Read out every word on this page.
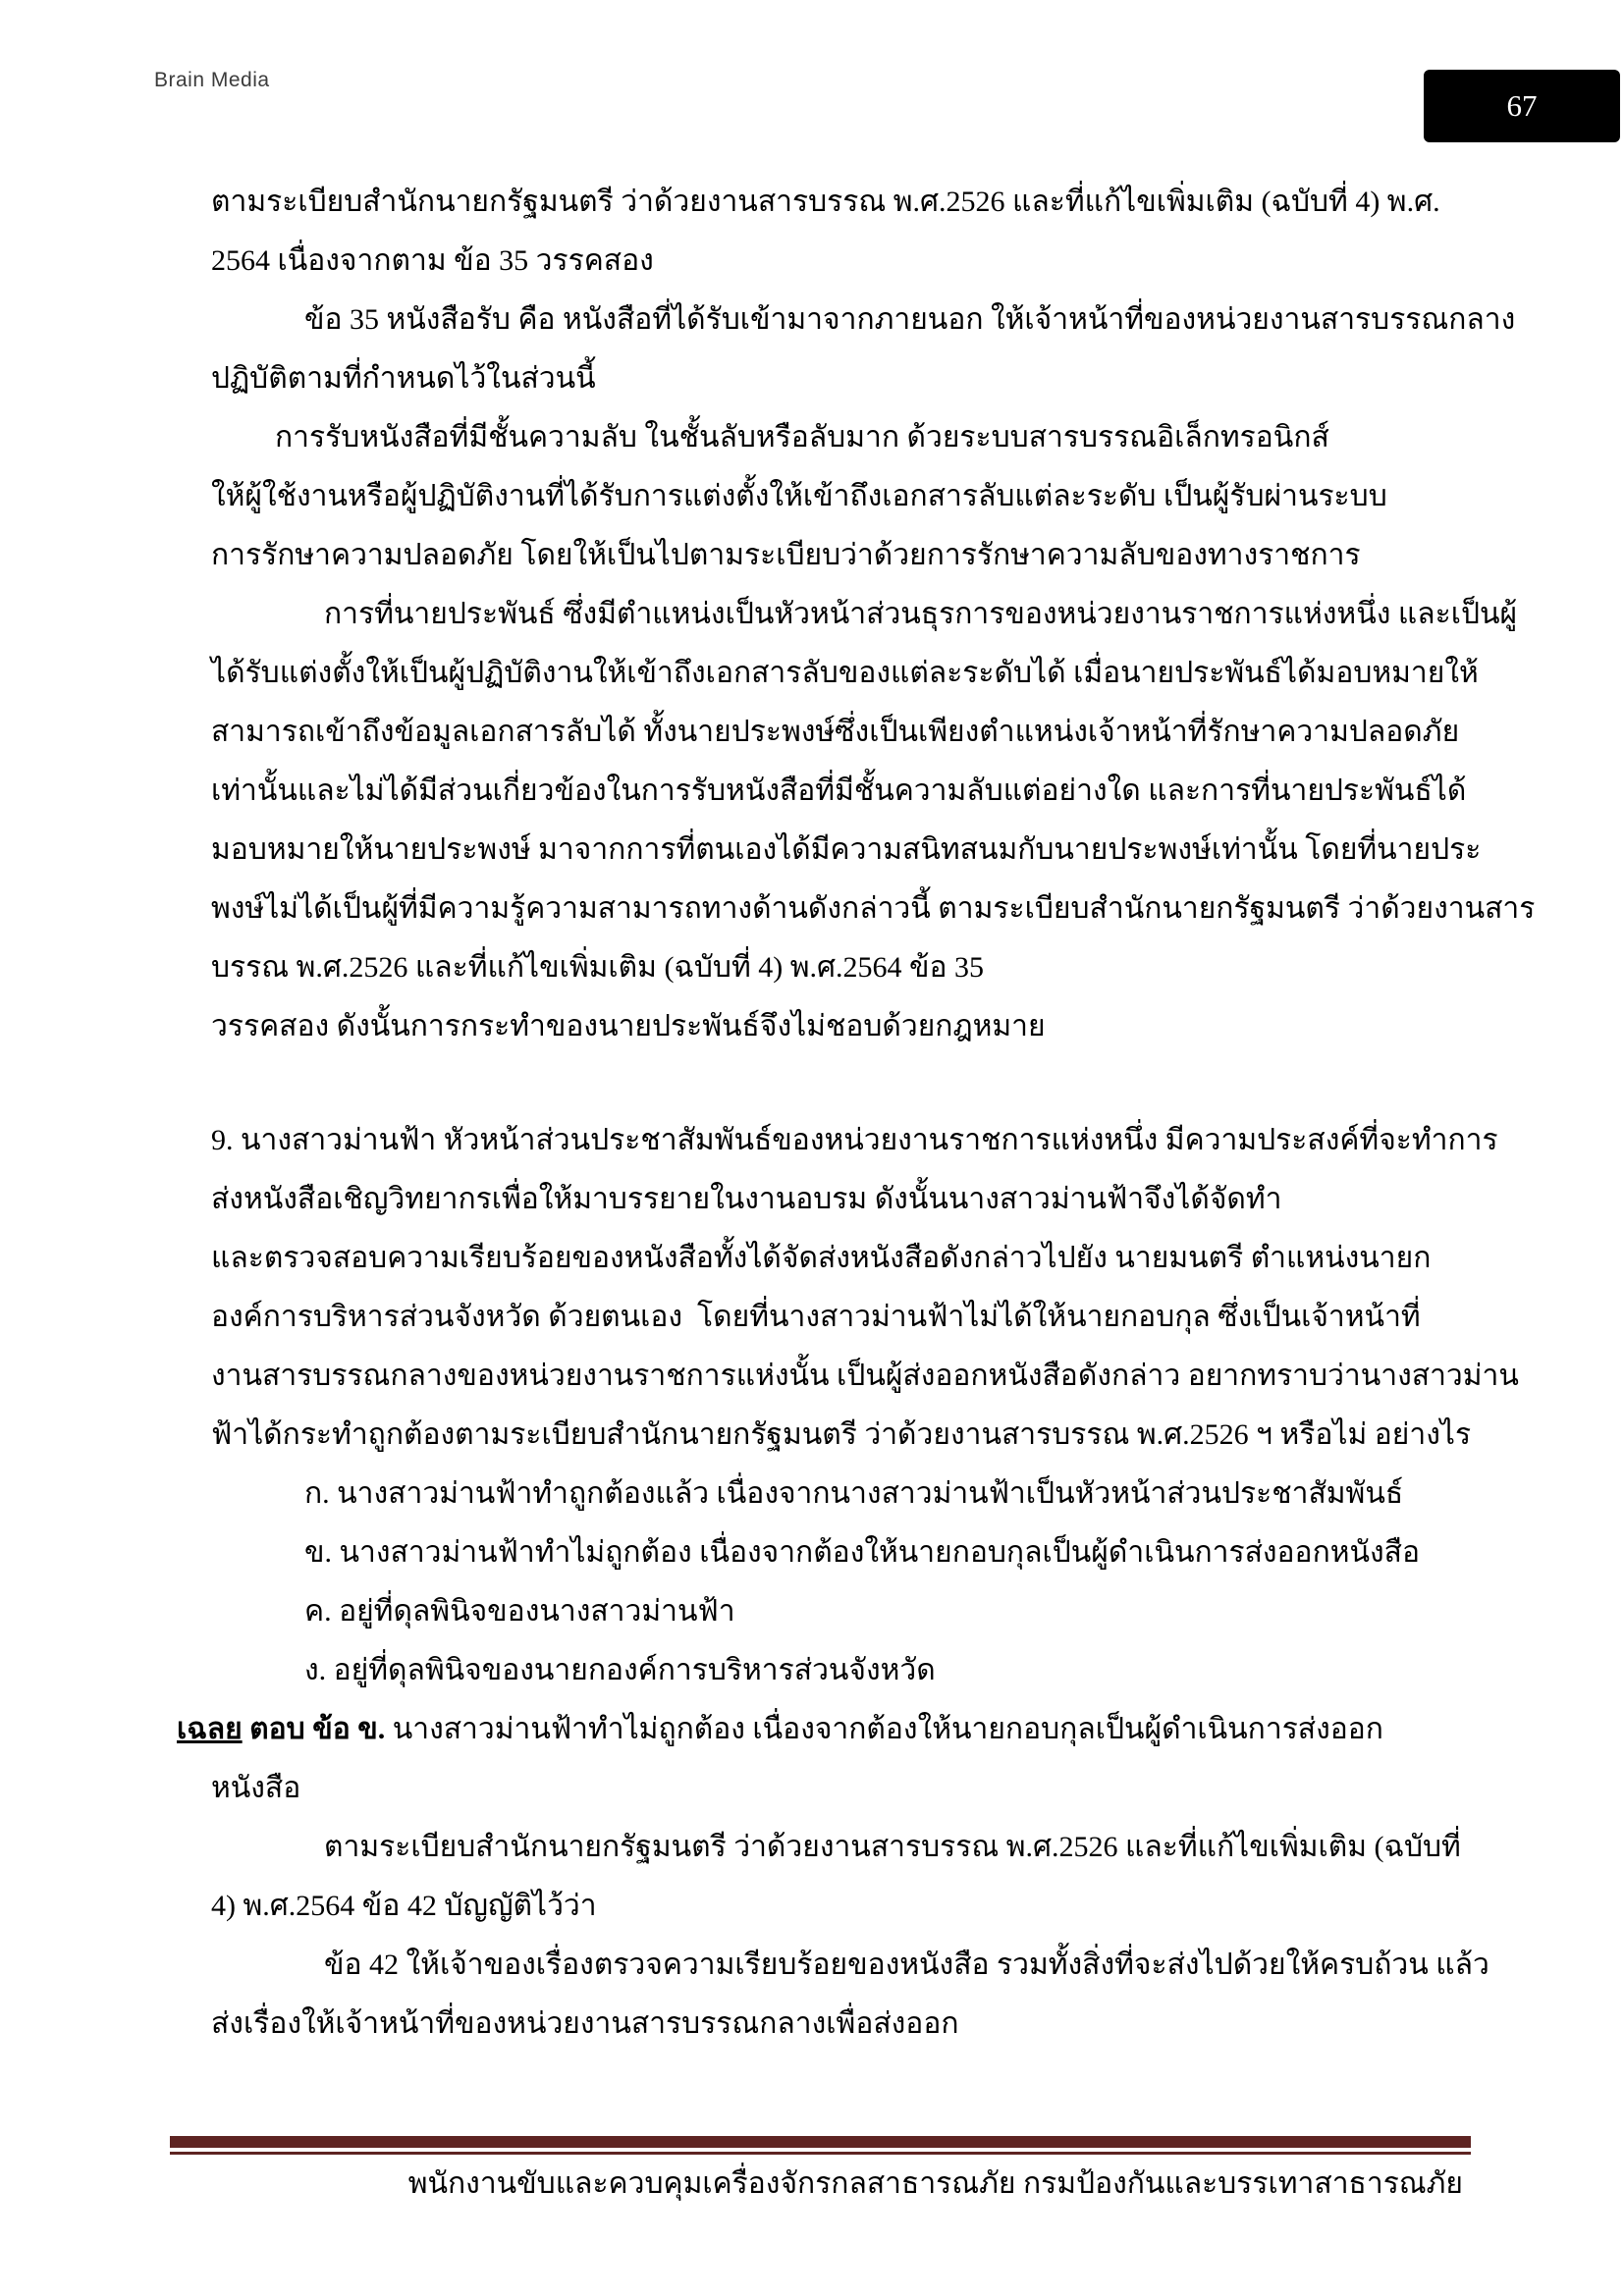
Brain Media
67
ตามระเบียบสำนักนายกรัฐมนตรี ว่าด้วยงานสารบรรณ พ.ศ.2526 และที่แก้ไขเพิ่มเติม (ฉบับที่ 4) พ.ศ.
2564 เนื่องจากตาม ข้อ 35 วรรคสอง
ข้อ 35 หนังสือรับ คือ หนังสือที่ได้รับเข้ามาจากภายนอก ให้เจ้าหน้าที่ของหน่วยงานสารบรรณกลาง
ปฏิบัติตามที่กำหนดไว้ในส่วนนี้
การรับหนังสือที่มีชั้นความลับ ในชั้นลับหรือลับมาก ด้วยระบบสารบรรณอิเล็กทรอนิกส์
ให้ผู้ใช้งานหรือผู้ปฏิบัติงานที่ได้รับการแต่งตั้งให้เข้าถึงเอกสารลับแต่ละระดับ เป็นผู้รับผ่านระบบ
การรักษาความปลอดภัย โดยให้เป็นไปตามระเบียบว่าด้วยการรักษาความลับของทางราชการ
การที่นายประพันธ์ ซึ่งมีตำแหน่งเป็นหัวหน้าส่วนธุรการของหน่วยงานราชการแห่งหนึ่ง และเป็นผู้
ได้รับแต่งตั้งให้เป็นผู้ปฏิบัติงานให้เข้าถึงเอกสารลับของแต่ละระดับได้ เมื่อนายประพันธ์ได้มอบหมายให้
สามารถเข้าถึงข้อมูลเอกสารลับได้ ทั้งนายประพงษ์ซึ่งเป็นเพียงตำแหน่งเจ้าหน้าที่รักษาความปลอดภัย
เท่านั้นและไม่ได้มีส่วนเกี่ยวข้องในการรับหนังสือที่มีชั้นความลับแต่อย่างใด และการที่นายประพันธ์ได้
มอบหมายให้นายประพงษ์ มาจากการที่ตนเองได้มีความสนิทสนมกับนายประพงษ์เท่านั้น โดยที่นายประ
พงษ์ไม่ได้เป็นผู้ที่มีความรู้ความสามารถทางด้านดังกล่าวนี้ ตามระเบียบสำนักนายกรัฐมนตรี ว่าด้วยงานสาร
บรรณ พ.ศ.2526 และที่แก้ไขเพิ่มเติม (ฉบับที่ 4) พ.ศ.2564 ข้อ 35
วรรคสอง ดังนั้นการกระทำของนายประพันธ์จึงไม่ชอบด้วยกฎหมาย
9. นางสาวม่านฟ้า หัวหน้าส่วนประชาสัมพันธ์ของหน่วยงานราชการแห่งหนึ่ง มีความประสงค์ที่จะทำการ
ส่งหนังสือเชิญวิทยากรเพื่อให้มาบรรยายในงานอบรม ดังนั้นนางสาวม่านฟ้าจึงได้จัดทำ
และตรวจสอบความเรียบร้อยของหนังสือทั้งได้จัดส่งหนังสือดังกล่าวไปยัง นายมนตรี ตำแหน่งนายก
องค์การบริหารส่วนจังหวัด ด้วยตนเอง  โดยที่นางสาวม่านฟ้าไม่ได้ให้นายกอบกุล ซึ่งเป็นเจ้าหน้าที่
งานสารบรรณกลางของหน่วยงานราชการแห่งนั้น เป็นผู้ส่งออกหนังสือดังกล่าว อยากทราบว่านางสาวม่าน
ฟ้าได้กระทำถูกต้องตามระเบียบสำนักนายกรัฐมนตรี ว่าด้วยงานสารบรรณ พ.ศ.2526 ฯ หรือไม่ อย่างไร
ก. นางสาวม่านฟ้าทำถูกต้องแล้ว เนื่องจากนางสาวม่านฟ้าเป็นหัวหน้าส่วนประชาสัมพันธ์
ข. นางสาวม่านฟ้าทำไม่ถูกต้อง เนื่องจากต้องให้นายกอบกุลเป็นผู้ดำเนินการส่งออกหนังสือ
ค. อยู่ที่ดุลพินิจของนางสาวม่านฟ้า
ง. อยู่ที่ดุลพินิจของนายกองค์การบริหารส่วนจังหวัด
เฉลย ตอบ ข้อ ข. นางสาวม่านฟ้าทำไม่ถูกต้อง เนื่องจากต้องให้นายกอบกุลเป็นผู้ดำเนินการส่งออก
หนังสือ
ตามระเบียบสำนักนายกรัฐมนตรี ว่าด้วยงานสารบรรณ พ.ศ.2526 และที่แก้ไขเพิ่มเติม (ฉบับที่
4) พ.ศ.2564 ข้อ 42 บัญญัติไว้ว่า
ข้อ 42 ให้เจ้าของเรื่องตรวจความเรียบร้อยของหนังสือ รวมทั้งสิ่งที่จะส่งไปด้วยให้ครบถ้วน แล้ว
ส่งเรื่องให้เจ้าหน้าที่ของหน่วยงานสารบรรณกลางเพื่อส่งออก
พนักงานขับและควบคุมเครื่องจักรกลสาธารณภัย กรมป้องกันและบรรเทาสาธารณภัย
